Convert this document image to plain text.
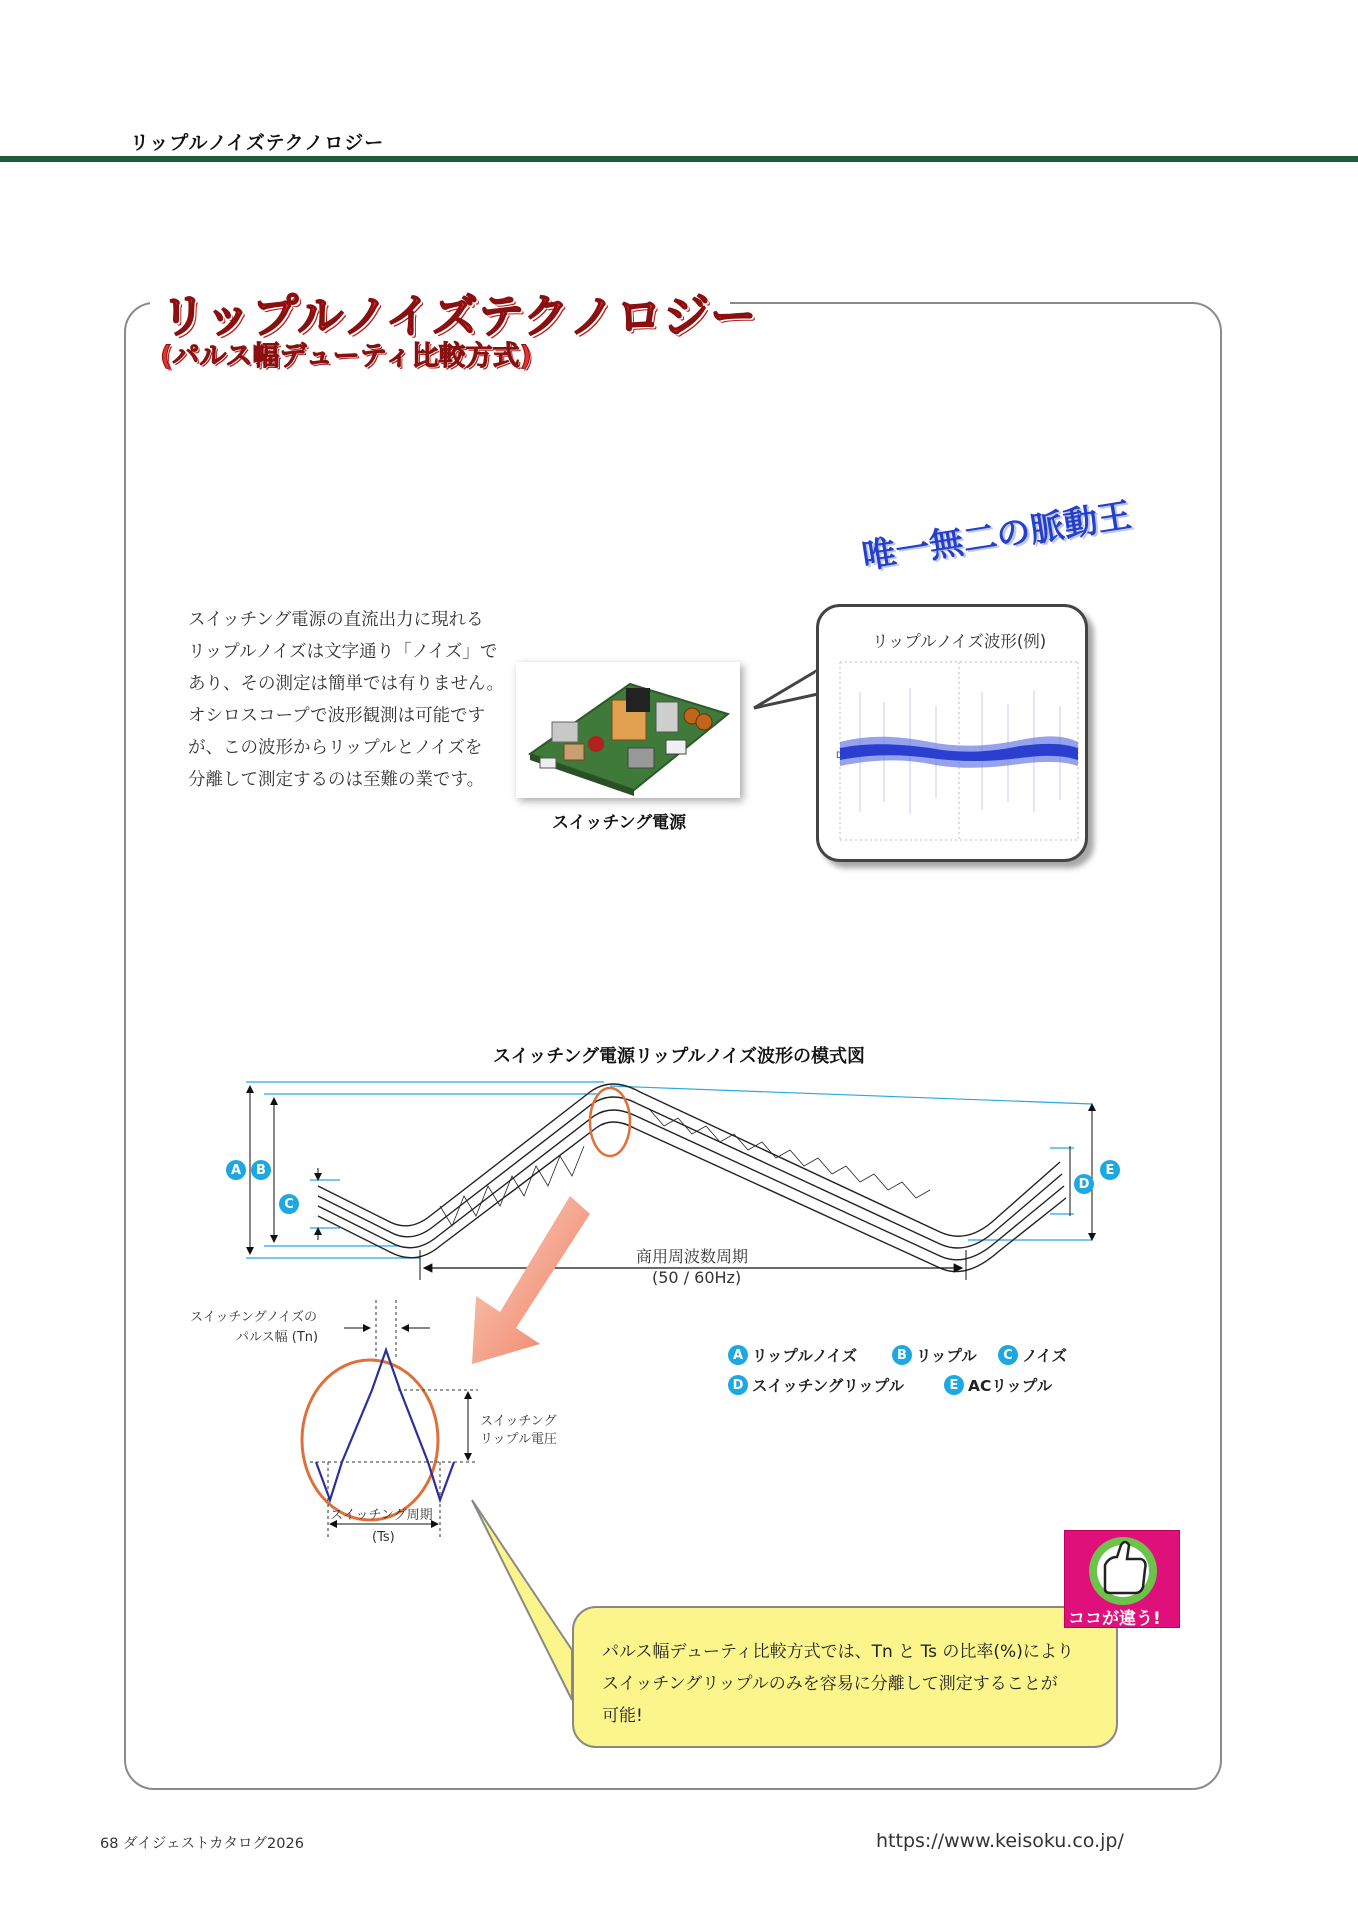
リップルノイズテクノロジー
リップルノイズテクノロジー
(パルス幅デューティ比較方式)
唯一無二の脈動王
スイッチング電源の直流出力に現れる
リップルノイズは文字通り「ノイズ」で
あり、その測定は簡単では有りません。
オシロスコープで波形観測は可能です
が、この波形からリップルとノイズを
分離して測定するのは至難の業です。
スイッチング電源
リップルノイズ波形(例)
D
スイッチング電源リップルノイズ波形の模式図
A	B
C
D
E
商用周波数周期
(50 / 60Hz)
スイッチングノイズの
パルス幅 (Tn)
スイッチング
リップル電圧
スイッチング周期
(Ts)
A リップルノイズ	B リップル	C ノイズ
D スイッチングリップル	E ACリップル
パルス幅デューティ比較方式では、Tn と Ts の比率(%)により
スイッチングリップルのみを容易に分離して測定することが
可能!
ココが違う!
68 ダイジェストカタログ2026	https://www.keisoku.co.jp/
